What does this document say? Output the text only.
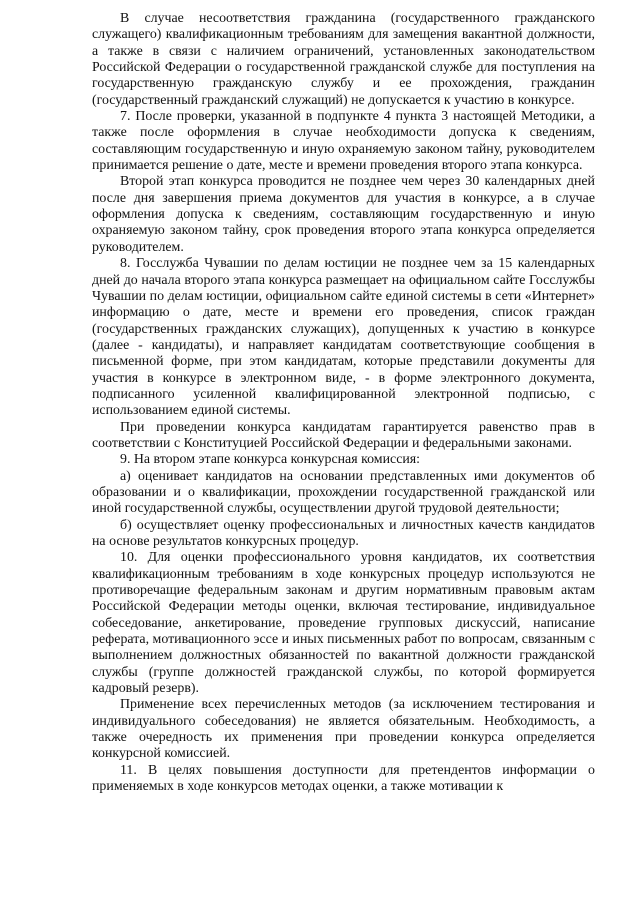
В случае несоответствия гражданина (государственного гражданского служащего) квалификационным требованиям для замещения вакантной должности, а также в связи с наличием ограничений, установленных законодательством Российской Федерации о государственной гражданской службе для поступления на государственную гражданскую службу и ее прохождения, гражданин (государственный гражданский служащий) не допускается к участию в конкурсе.

7. После проверки, указанной в подпункте 4 пункта 3 настоящей Методики, а также после оформления в случае необходимости допуска к сведениям, составляющим государственную и иную охраняемую законом тайну, руководителем принимается решение о дате, месте и времени проведения второго этапа конкурса.

Второй этап конкурса проводится не позднее чем через 30 календарных дней после дня завершения приема документов для участия в конкурсе, а в случае оформления допуска к сведениям, составляющим государственную и иную охраняемую законом тайну, срок проведения второго этапа конкурса определяется руководителем.

8. Госслужба Чувашии по делам юстиции не позднее чем за 15 календарных дней до начала второго этапа конкурса размещает на официальном сайте Госслужбы Чувашии по делам юстиции, официальном сайте единой системы в сети «Интернет» информацию о дате, месте и времени его проведения, список граждан (государственных гражданских служащих), допущенных к участию в конкурсе (далее - кандидаты), и направляет кандидатам соответствующие сообщения в письменной форме, при этом кандидатам, которые представили документы для участия в конкурсе в электронном виде, - в форме электронного документа, подписанного усиленной квалифицированной электронной подписью, с использованием единой системы.

При проведении конкурса кандидатам гарантируется равенство прав в соответствии с Конституцией Российской Федерации и федеральными законами.

9. На втором этапе конкурса конкурсная комиссия:

а) оценивает кандидатов на основании представленных ими документов об образовании и о квалификации, прохождении государственной гражданской или иной государственной службы, осуществлении другой трудовой деятельности;

б) осуществляет оценку профессиональных и личностных качеств кандидатов на основе результатов конкурсных процедур.

10. Для оценки профессионального уровня кандидатов, их соответствия квалификационным требованиям в ходе конкурсных процедур используются не противоречащие федеральным законам и другим нормативным правовым актам Российской Федерации методы оценки, включая тестирование, индивидуальное собеседование, анкетирование, проведение групповых дискуссий, написание реферата, мотивационного эссе и иных письменных работ по вопросам, связанным с выполнением должностных обязанностей по вакантной должности гражданской службы (группе должностей гражданской службы, по которой формируется кадровый резерв).

Применение всех перечисленных методов (за исключением тестирования и индивидуального собеседования) не является обязательным. Необходимость, а также очередность их применения при проведении конкурса определяется конкурсной комиссией.

11. В целях повышения доступности для претендентов информации о применяемых в ходе конкурсов методах оценки, а также мотивации к
